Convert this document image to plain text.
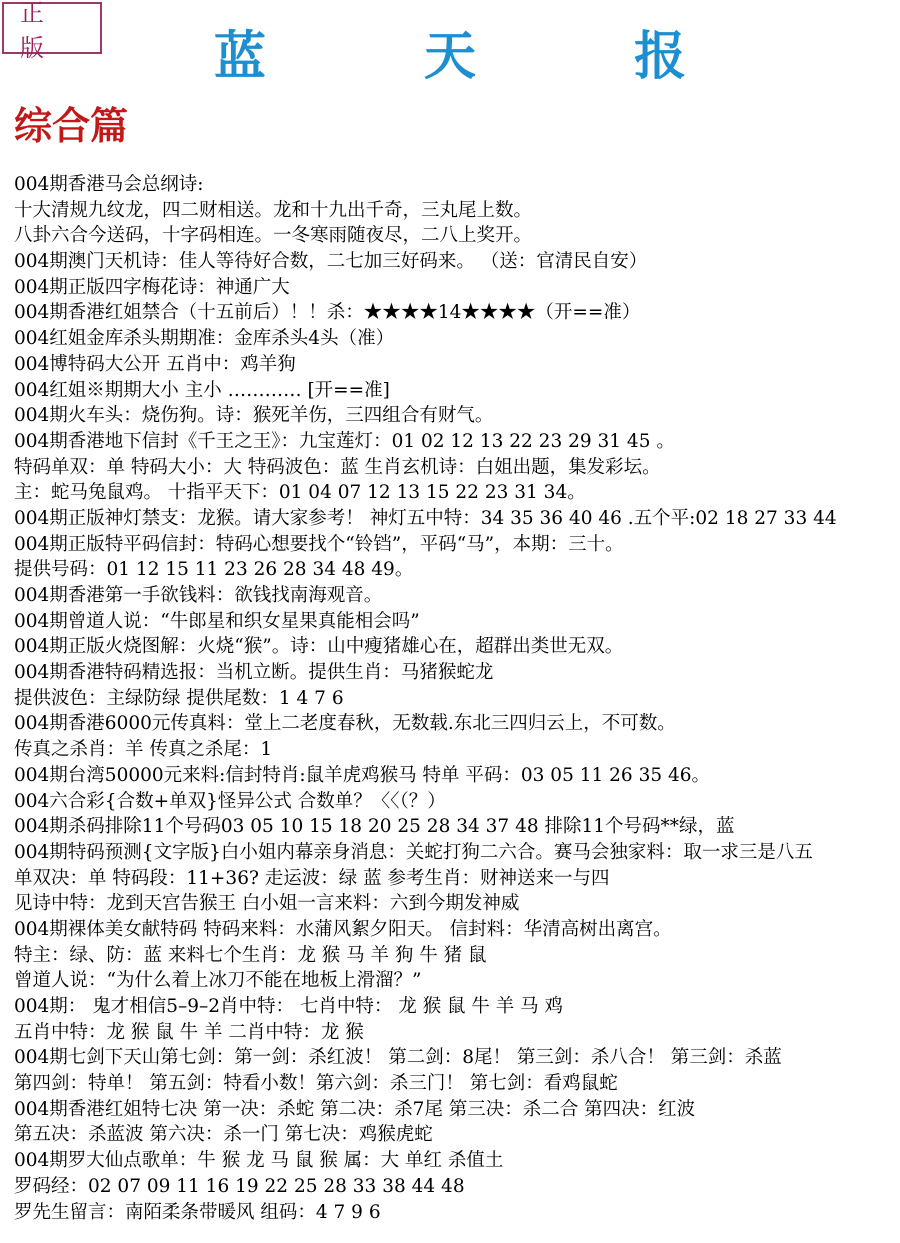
正 版	蓝 天 报
综合篇
004期香港马会总纲诗:
十大清规九纹龙，四二财相送。龙和十九出千奇，三丸尾上数。
八卦六合今送码，十字码相连。一冬寒雨随夜尽，二八上奖开。
004期澳门天机诗：佳人等待好合数，二七加三好码来。 （送：官清民自安）
004期正版四字梅花诗：神通广大
004期香港红姐禁合（十五前后）！！杀：★★★★14★★★★（开==准）
004红姐金库杀头期期准：金库杀头4头（准）
004博特码大公开 五肖中：鸡羊狗
004红姐※期期大小 主小 ………… [开==准]
004期火车头：烧伤狗。诗：猴死羊伤，三四组合有财气。
004期香港地下信封《千王之王》：九宝莲灯：01 02 12 13 22 23 29 31 45 。
特码单双：单 特码大小：大 特码波色：蓝 生肖玄机诗：白姐出题，集发彩坛。
主：蛇马兔鼠鸡。 十指平天下：01 04 07 12 13 15 22 23 31 34。
004期正版神灯禁支：龙猴。请大家参考！ 神灯五中特：34 35 36 40 46 .五个平:02 18 27 33 44
004期正版特平码信封：特码心想要找个“铃铛”，平码“马”，本期：三十。
提供号码：01 12 15 11 23 26 28 34 48 49。
004期香港第一手欲钱料：欲钱找南海观音。
004期曾道人说：“牛郎星和织女星果真能相会吗”
004期正版火烧图解：火烧“猴”。诗：山中瘦猪雄心在，超群出类世无双。
004期香港特码精选报：当机立断。提供生肖：马猪猴蛇龙
提供波色：主绿防绿 提供尾数：1 4 7 6
004期香港6000元传真料：堂上二老度春秋，无数载.东北三四归云上，不可数。
传真之杀肖：羊 传真之杀尾：1
004期台湾50000元来料:信封特肖:鼠羊虎鸡猴马 特单 平码：03 05 11 26 35 46。
004六合彩{合数+单双}怪异公式 合数单？〈〈（？）
004期杀码排除11个号码03 05 10 15 18 20 25 28 34 37 48 排除11个号码**绿，蓝
004期特码预测{文字版}白小姐内幕亲身消息：关蛇打狗二六合。赛马会独家料：取一求三是八五
单双决：单 特码段：11+36? 走运波：绿 蓝 参考生肖：财神送来一与四
见诗中特：龙到天宫告猴王 白小姐一言来料：六到今期发神威
004期裸体美女献特码 特码来料：水蒲风絮夕阳天。 信封料：华清高树出离宫。
特主：绿、防：蓝 来料七个生肖：龙 猴 马 羊 狗 牛 猪 鼠
曾道人说：“为什么着上冰刀不能在地板上滑溜？”
004期： 鬼才相信5–9–2肖中特： 七肖中特： 龙 猴 鼠 牛 羊 马 鸡
五肖中特：龙 猴 鼠 牛 羊 二肖中特：龙 猴
004期七剑下天山第七剑：第一剑：杀红波！ 第二剑：8尾！ 第三剑：杀八合！ 第三剑：杀蓝
第四剑：特单！ 第五剑：特看小数！第六剑：杀三门！ 第七剑：看鸡鼠蛇
004期香港红姐特七决 第一决：杀蛇 第二决：杀7尾 第三决：杀二合 第四决：红波
第五决：杀蓝波 第六决：杀一门 第七决：鸡猴虎蛇
004期罗大仙点歌单：牛 猴 龙 马 鼠 猴 属：大 单红 杀值土
罗码经：02 07 09 11 16 19 22 25 28 33 38 44 48
罗先生留言：南陌柔条带暖风 组码：4 7 9 6
